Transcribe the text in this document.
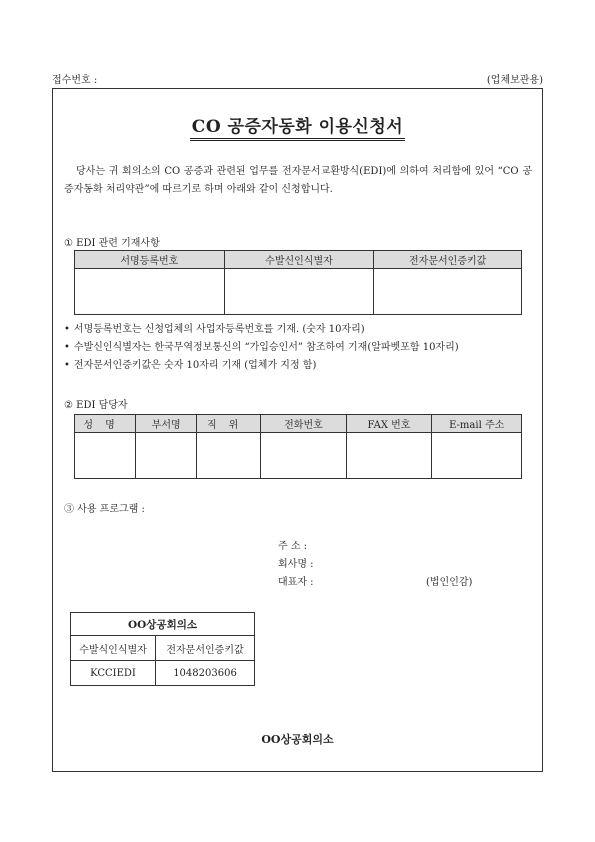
접수번호 :	(업체보관용)
CO 공증자동화 이용신청서
당사는 귀 회의소의 CO 공증과 관련된 업무를 전자문서교환방식(EDI)에 의하여 처리함에 있어 “CO 공증자동화 처리약관”에 따르기로 하며 아래와 같이 신청합니다.
① EDI 관련 기재사항
서명등록번호	수발신인식별자	전자문서인증키값

• 서명등록번호는 신청업체의 사업자등록번호를 기재. (숫자 10자리)
• 수발신인식별자는 한국무역정보통신의 “가입승인서” 참조하여 기재(알파벳포함 10자리)
• 전자문서인증키값은 숫자 10자리 기재 (업체가 지정 함)
② EDI 담당자
성명	부서명	직위	전화번호	FAX 번호	E-mail 주소

③ 사용 프로그램 :
주 소 :
회사명 :
대표자 :	(법인인감)
OO상공회의소	
수발식인식별자	전자문서인증키값
KCCIEDI	1048203606
OO상공회의소
